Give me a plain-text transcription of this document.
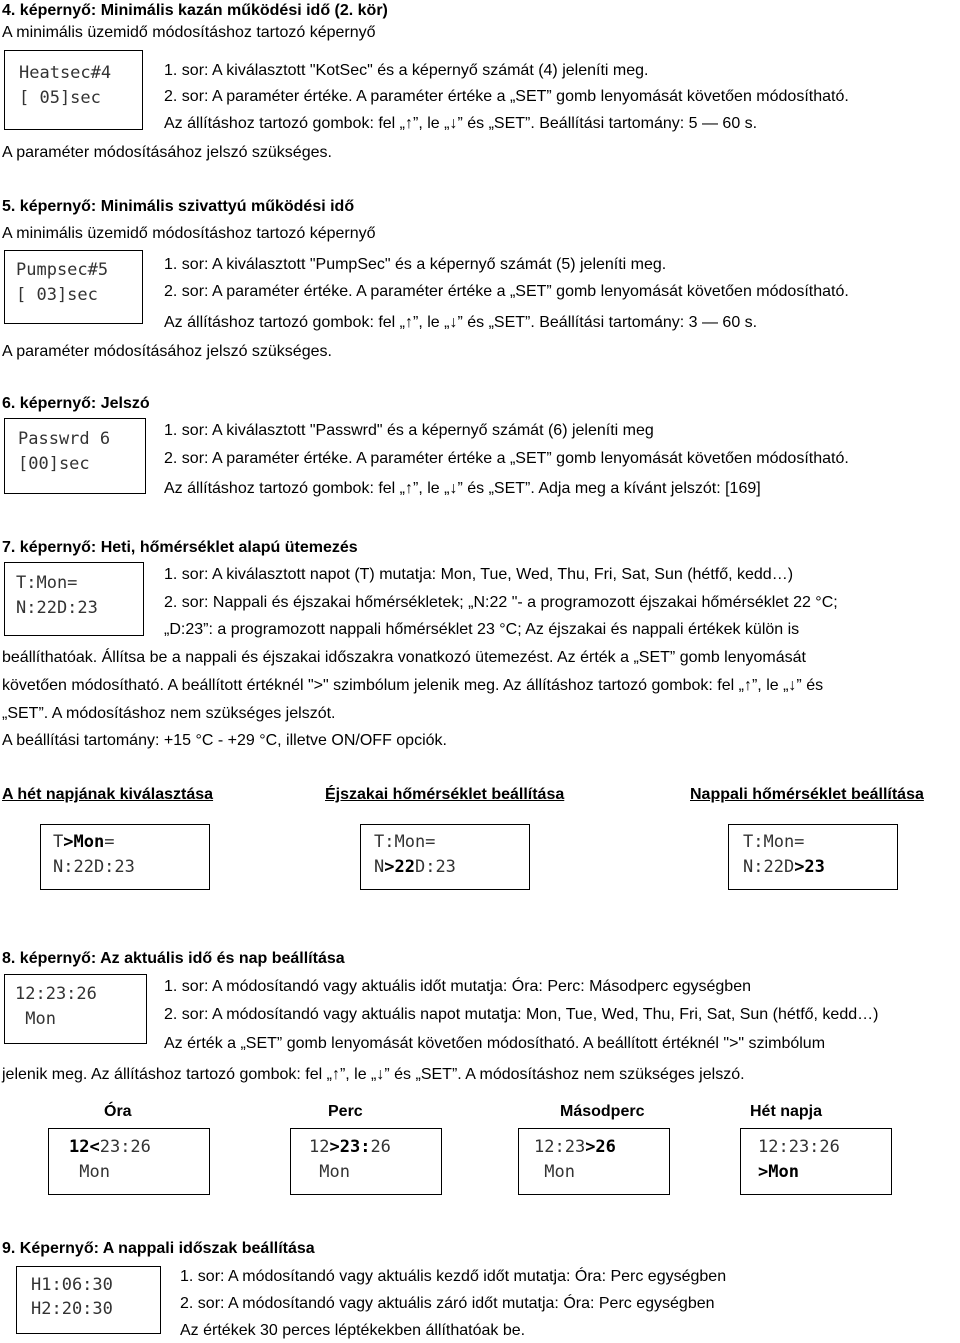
4. képernyő: Minimális kazán működési idő (2. kör)
A minimális üzemidő módosításhoz tartozó képernyő
Heatsec#4
[ 05]sec
1. sor: A kiválasztott "KotSec" és a képernyő számát (4) jeleníti meg.
2. sor: A paraméter értéke. A paraméter értéke a „SET” gomb lenyomását követően módosítható.
Az állításhoz tartozó gombok: fel „↑”, le „↓” és „SET”. Beállítási tartomány: 5 — 60 s.
A paraméter módosításához jelszó szükséges.
5. képernyő: Minimális szivattyú működési idő
A minimális üzemidő módosításhoz tartozó képernyő
Pumpsec#5
[ 03]sec
1. sor: A kiválasztott "PumpSec" és a képernyő számát (5) jeleníti meg.
2. sor: A paraméter értéke. A paraméter értéke a „SET” gomb lenyomását követően módosítható.
Az állításhoz tartozó gombok: fel „↑”, le „↓” és „SET”. Beállítási tartomány: 3 — 60 s.
A paraméter módosításához jelszó szükséges.
6. képernyő: Jelszó
Passwrd 6
[00]sec
1. sor: A kiválasztott "Passwrd" és a képernyő számát (6) jeleníti meg
2. sor: A paraméter értéke. A paraméter értéke a „SET” gomb lenyomását követően módosítható.
Az állításhoz tartozó gombok: fel „↑”, le „↓” és „SET”. Adja meg a kívánt jelszót: [169]
7. képernyő: Heti, hőmérséklet alapú ütemezés
T:Mon=
N:22D:23
1. sor: A kiválasztott napot (T) mutatja: Mon, Tue, Wed, Thu, Fri, Sat, Sun (hétfő, kedd…)
2. sor: Nappali és éjszakai hőmérsékletek; „N:22 "- a programozott éjszakai hőmérséklet 22 °C;
„D:23”: a programozott nappali hőmérséklet 23 °C; Az éjszakai és nappali értékek külön is
beállíthatóak. Állítsa be a nappali és éjszakai időszakra vonatkozó ütemezést. Az érték a „SET” gomb lenyomását
követően módosítható. A beállított értéknél ">" szimbólum jelenik meg. Az állításhoz tartozó gombok: fel „↑”, le „↓” és
„SET”. A módosításhoz nem szükséges jelszót.
A beállítási tartomány: +15 °C - +29 °C, illetve ON/OFF opciók.
A hét napjának kiválasztása	Éjszakai hőmérséklet beállítása	Nappali hőmérséklet beállítása
T>Mon=
N:22D:23
T:Mon=
N>22D:23
T:Mon=
N:22D>23
8. képernyő: Az aktuális idő és nap beállítása
12:23:26
Mon
1. sor: A módosítandó vagy aktuális időt mutatja: Óra: Perc: Másodperc egységben
2. sor: A módosítandó vagy aktuális napot mutatja: Mon, Tue, Wed, Thu, Fri, Sat, Sun (hétfő, kedd…)
Az érték a „SET” gomb lenyomását követően módosítható. A beállított értéknél ">" szimbólum
jelenik meg. Az állításhoz tartozó gombok: fel „↑”, le „↓” és „SET”. A módosításhoz nem szükséges jelszó.
Óra	Perc	Másodperc	Hét napja
12<23:26
Mon
12>23:26
Mon
12:23>26
Mon
12:23:26
>Mon
9. Képernyő: A nappali időszak beállítása
H1:06:30
H2:20:30
1. sor: A módosítandó vagy aktuális kezdő időt mutatja: Óra: Perc egységben
2. sor: A módosítandó vagy aktuális záró időt mutatja: Óra: Perc egységben
Az értékek 30 perces léptékekben állíthatóak be.
